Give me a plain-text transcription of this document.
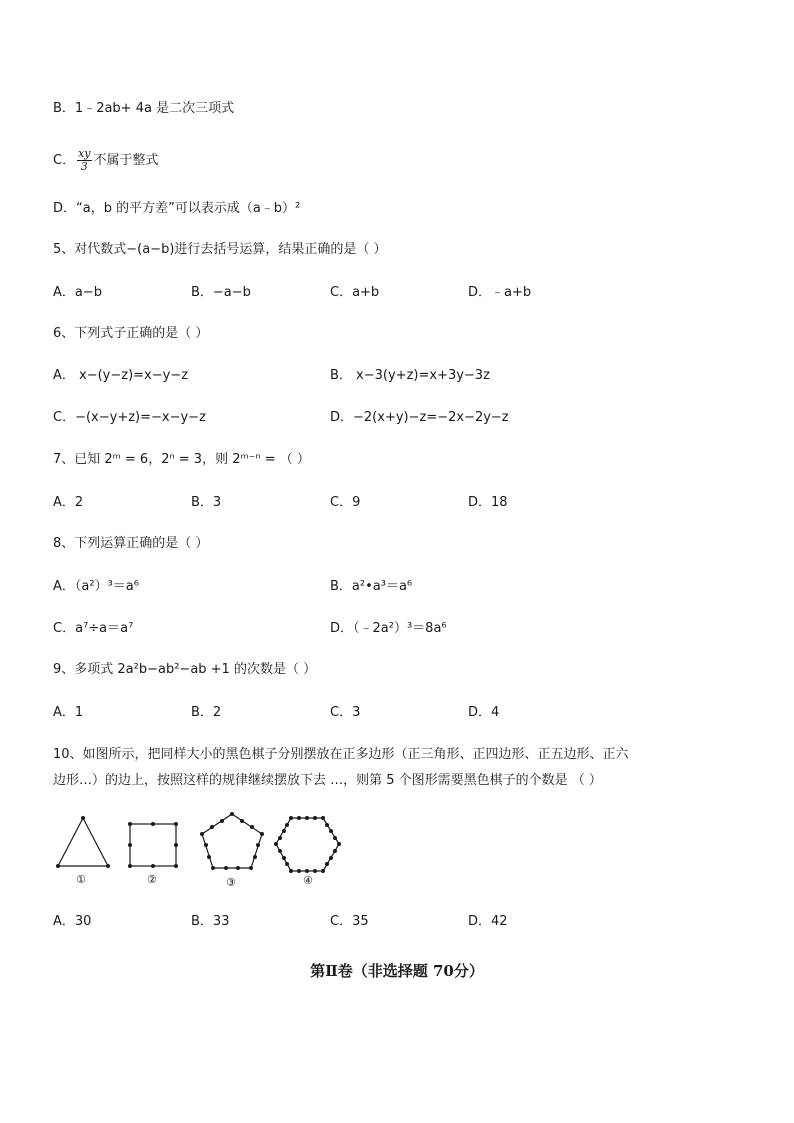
B．1﹣2ab+ 4a 是二次三项式
C． $\frac{xy}{3}$ 不属于整式
D．“a，b 的平方差”可以表示成（a﹣b）²
5、对代数式−(a−b)进行去括号运算，结果正确的是（ ）
A．a−b	B．−a−b	C．a+b	D．﹣a+b
6、下列式子正确的是（ ）
A． x−(y−z)=x−y−z	B． x−3(y+z)=x+3y−3z
C．−(x−y+z)=−x−y−z	D．−2(x+y)−z=−2x−2y−z
7、已知 2ᵐ = 6，2ⁿ = 3，则 2ᵐ⁻ⁿ = （ ）
A．2	B．3	C．9	D．18
8、下列运算正确的是（ ）
A．（a²）³＝a⁶	B．a²•a³＝a⁶
C．a⁷÷a＝a⁷	D．（﹣2a²）³＝8a⁶
9、多项式 2a²b−ab²−ab +1 的次数是（ ）
A．1	B．2	C．3	D．4
10、如图所示，把同样大小的黑色棋子分别摆放在正多边形（正三角形、正四边形、正五边形、正六
边形…）的边上，按照这样的规律继续摆放下去 …，则第 5 个图形需要黑色棋子的个数是 （ ）
①	②	③	④
A．30	B．33	C．35	D．42
第Ⅱ卷（非选择题 70分）
